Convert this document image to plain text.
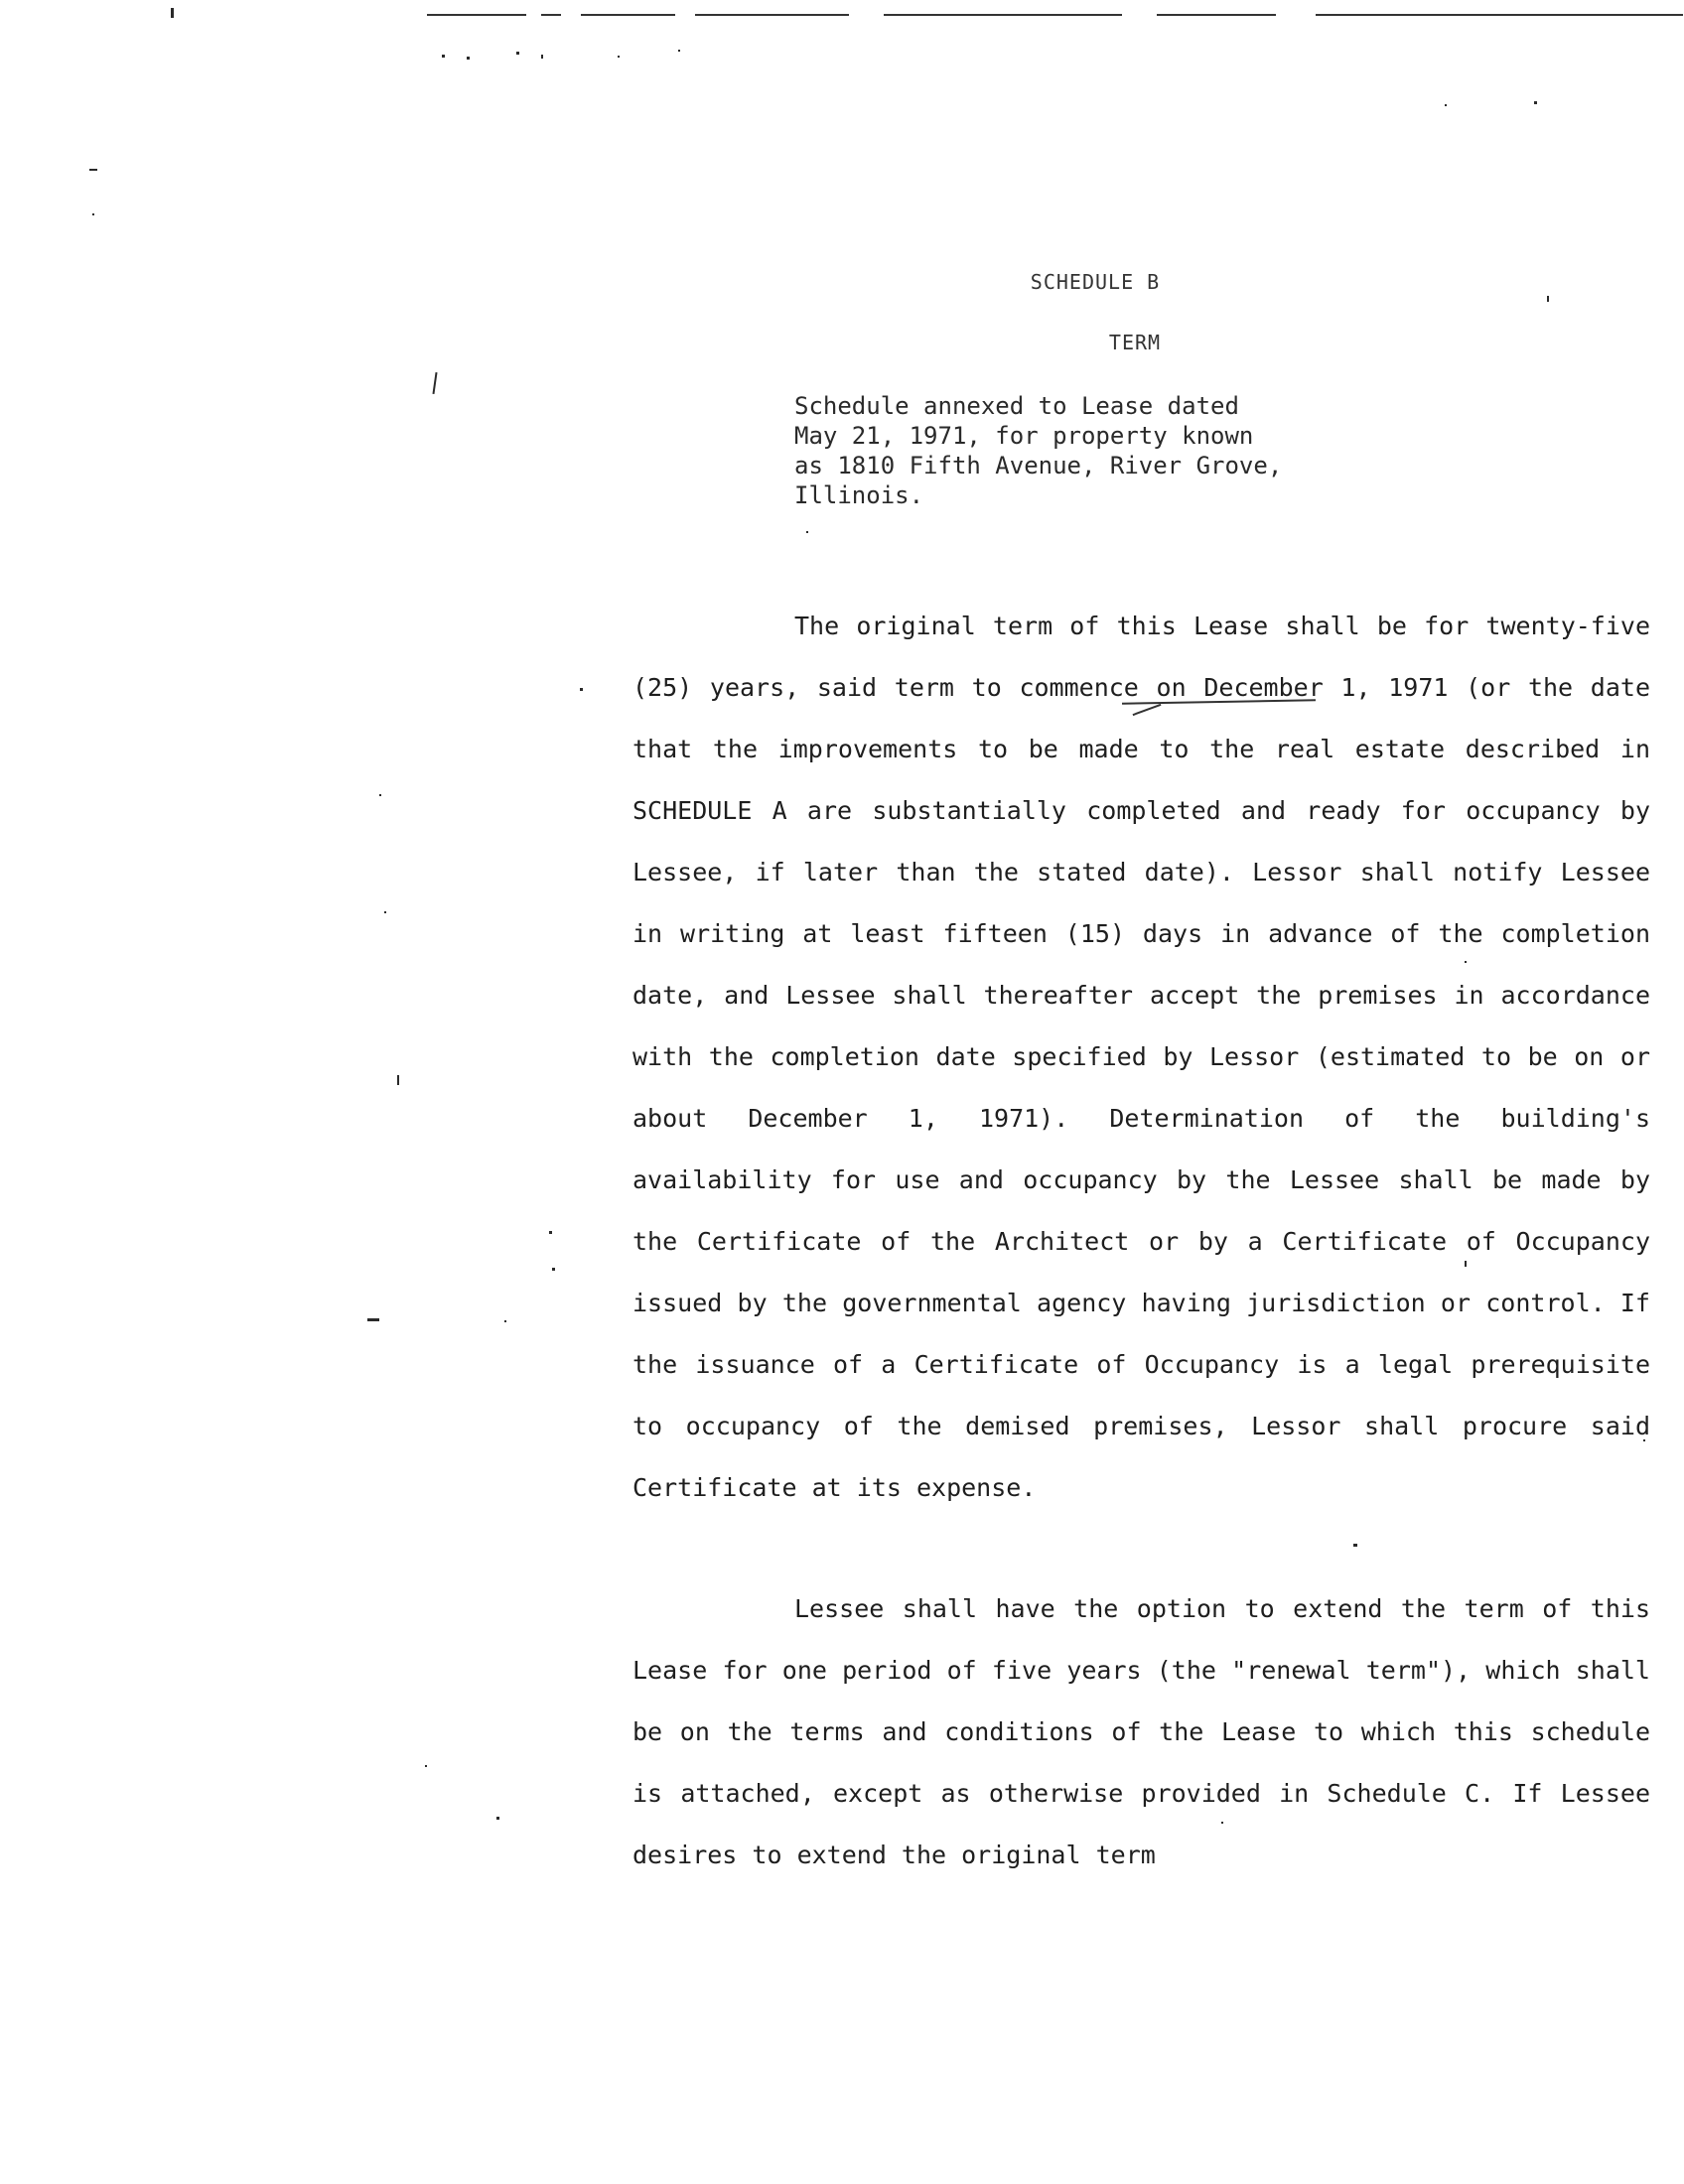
SCHEDULE B
TERM
Schedule annexed to Lease dated
May 21, 1971, for property known
as 1810 Fifth Avenue, River Grove,
Illinois.
The original term of this Lease shall be for twenty-five (25) years, said term to commence on December 1, 1971 (or the date that the improvements to be made to the real estate described in SCHEDULE A are substantially completed and ready for occupancy by Lessee, if later than the stated date). Lessor shall notify Lessee in writing at least fifteen (15) days in advance of the completion date, and Lessee shall thereafter accept the premises in accordance with the completion date specified by Lessor (estimated to be on or about December 1, 1971). Determination of the building's availability for use and occupancy by the Lessee shall be made by the Certificate of the Architect or by a Certificate of Occupancy issued by the governmental agency having jurisdiction or control. If the issuance of a Certificate of Occupancy is a legal prerequisite to occupancy of the demised premises, Lessor shall procure said Certificate at its expense.
Lessee shall have the option to extend the term of this Lease for one period of five years (the "renewal term"), which shall be on the terms and conditions of the Lease to which this schedule is attached, except as otherwise provided in Schedule C. If Lessee desires to extend the original term
